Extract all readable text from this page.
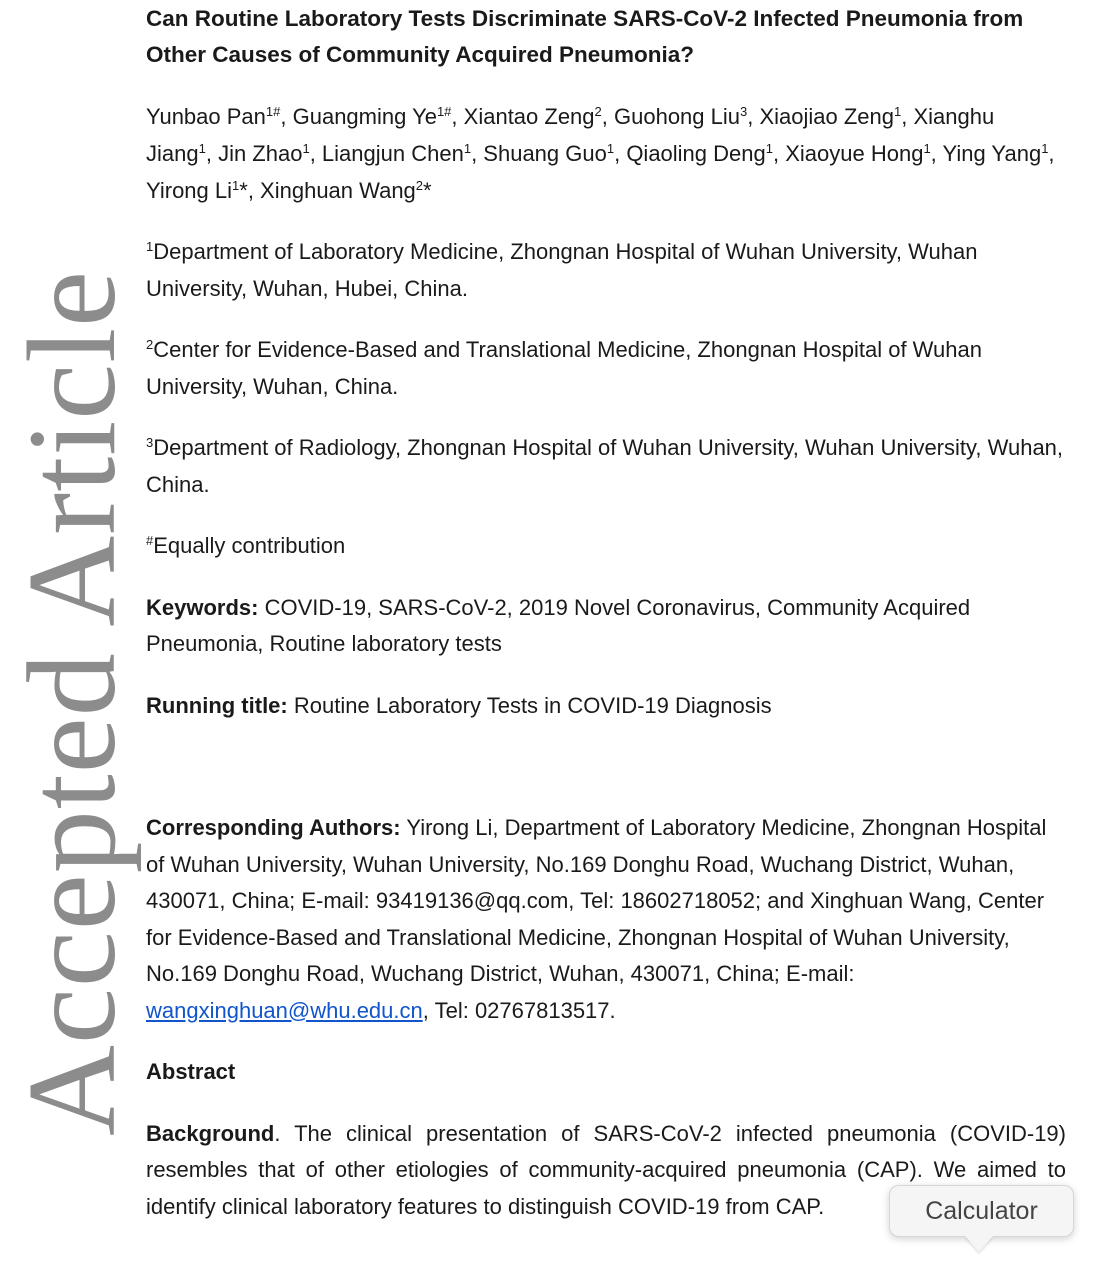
Accepted Article
Can Routine Laboratory Tests Discriminate SARS-CoV-2 Infected Pneumonia from Other Causes of Community Acquired Pneumonia?

Yunbao Pan$^{1\#}$, Guangming $Ye^{1\#}$, Xiantao Zeng$^2$, Guohong Liu$^3$, Xiaojiao Zeng$^1$, Xianghu Jiang$^1$, Jin Zhao$^1$, Liangjun Chen$^1$, Shuang Guo$^1$, Qiaoling Deng$^1$, Xiaoyue Hong$^1$, Ying Yang$^1$, Yirong Li$^1$*, Xinghuan Wang$^2$*

$^1$Department of Laboratory Medicine, Zhongnan Hospital of Wuhan University, Wuhan University, Wuhan, Hubei, China.

$^2$Center for Evidence-Based and Translational Medicine, Zhongnan Hospital of Wuhan University, Wuhan, China.

$^3$Department of Radiology, Zhongnan Hospital of Wuhan University, Wuhan University, Wuhan, China.

#Equally contribution

Keywords: COVID-19, SARS-CoV-2, 2019 Novel Coronavirus, Community Acquired Pneumonia, Routine laboratory tests

Running title: Routine Laboratory Tests in COVID-19 Diagnosis

Corresponding Authors: Yirong Li, Department of Laboratory Medicine, Zhongnan Hospital of Wuhan University, Wuhan University, No.169 Donghu Road, Wuchang District, Wuhan, 430071, China; E-mail: 93419136@qq.com, Tel: 18602718052; and Xinghuan Wang, Center for Evidence-Based and Translational Medicine, Zhongnan Hospital of Wuhan University, No.169 Donghu Road, Wuchang District, Wuhan, 430071, China; E-mail: wangxinghuan@whu.edu.cn, Tel: 02767813517.

Abstract

Background. The clinical presentation of SARS-CoV-2 infected pneumonia (COVID-19) resembles that of other etiologies of community-acquired pneumonia (CAP). We aimed to identify clinical laboratory features to distinguish COVID-19 from CAP.	Calculator
